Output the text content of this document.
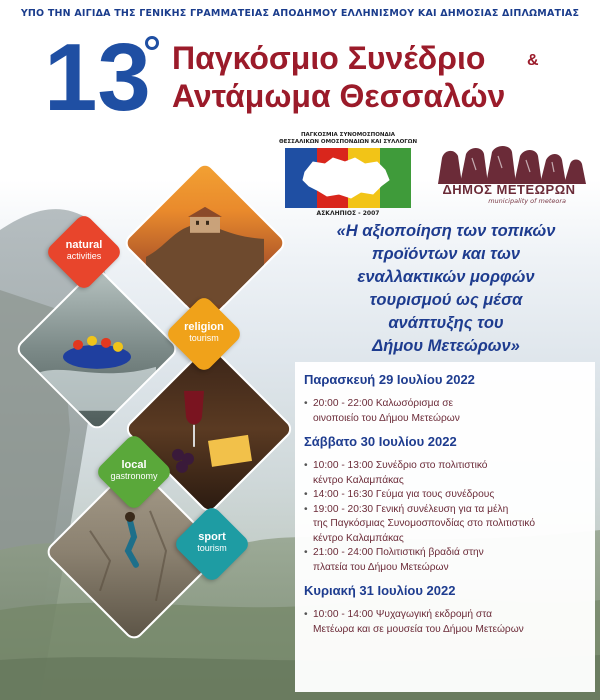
ΥΠΟ ΤΗΝ ΑΙΓΙΔΑ ΤΗΣ ΓΕΝΙΚΗΣ ΓΡΑΜΜΑΤΕΙΑΣ ΑΠΟΔΗΜΟΥ ΕΛΛΗΝΙΣΜΟΥ ΚΑΙ ΔΗΜΟΣΙΑΣ ΔΙΠΛΩΜΑΤΙΑΣ
13 Παγκόσμιο Συνέδριο	&
Αντάμωμα Θεσσαλών
ΠΑΓΚΟΣΜΙΑ ΣΥΝΟΜΟΣΠΟΝΔΙΑ
ΘΕΣΣΑΛΙΚΩΝ ΟΜΟΣΠΟΝΔΙΩΝ ΚΑΙ ΣΥΛΛΟΓΩΝ
ΑΣΚΛΗΠΙΟΣ - 2007
ΔΗΜΟΣ ΜΕΤΕΩΡΩΝ
municipality of meteora
«Η αξιοποίηση των τοπικών
προϊόντων και των
εναλλακτικών μορφών
τουρισμού ως μέσα
ανάπτυξης του
Δήμου Μετεώρων»
natural
activities
religion
tourism
local
gastronomy
sport
tourism
Παρασκευή 29 Ιουλίου 2022
• 20:00 - 22:00 Καλωσόρισμα σε
οινοποιείο του Δήμου Μετεώρων
Σάββατο 30 Ιουλίου 2022
• 10:00 - 13:00 Συνέδριο στο πολιτιστικό
κέντρο Καλαμπάκας
• 14:00 - 16:30 Γεύμα για τους συνέδρους
• 19:00 - 20:30 Γενική συνέλευση για τα μέλη
της Παγκόσμιας Συνομοσπονδίας στο πολιτιστικό
κέντρο Καλαμπάκας
• 21:00 - 24:00 Πολιτιστική βραδιά στην
πλατεία του Δήμου Μετεώρων
Κυριακή 31 Ιουλίου 2022
• 10:00 - 14:00 Ψυχαγωγική εκδρομή στα
Μετέωρα και σε μουσεία του Δήμου Μετεώρων
